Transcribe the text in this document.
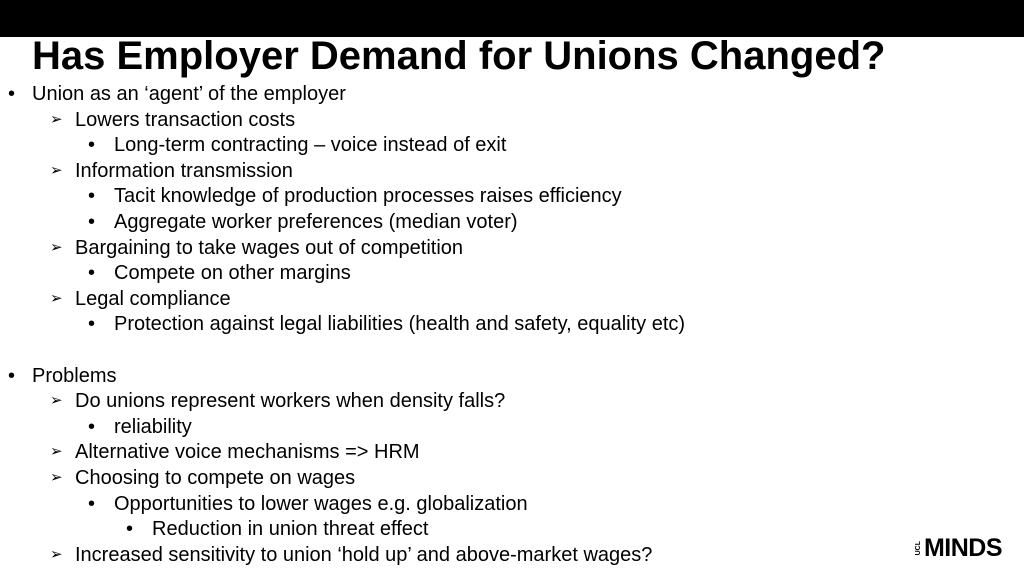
Has Employer Demand for Unions Changed?
• Union as an ‘agent’ of the employer
➢ Lowers transaction costs
• Long-term contracting – voice instead of exit
➢ Information transmission
• Tacit knowledge of production processes raises efficiency
• Aggregate worker preferences (median voter)
➢ Bargaining to take wages out of competition
• Compete on other margins
➢ Legal compliance
• Protection against legal liabilities (health and safety, equality etc)
• Problems
➢ Do unions represent workers when density falls?
• reliability
➢ Alternative voice mechanisms => HRM
➢ Choosing to compete on wages
• Opportunities to lower wages e.g. globalization
• Reduction in union threat effect
➢ Increased sensitivity to union ‘hold up’ and above-market wages?	UCL MINDS
